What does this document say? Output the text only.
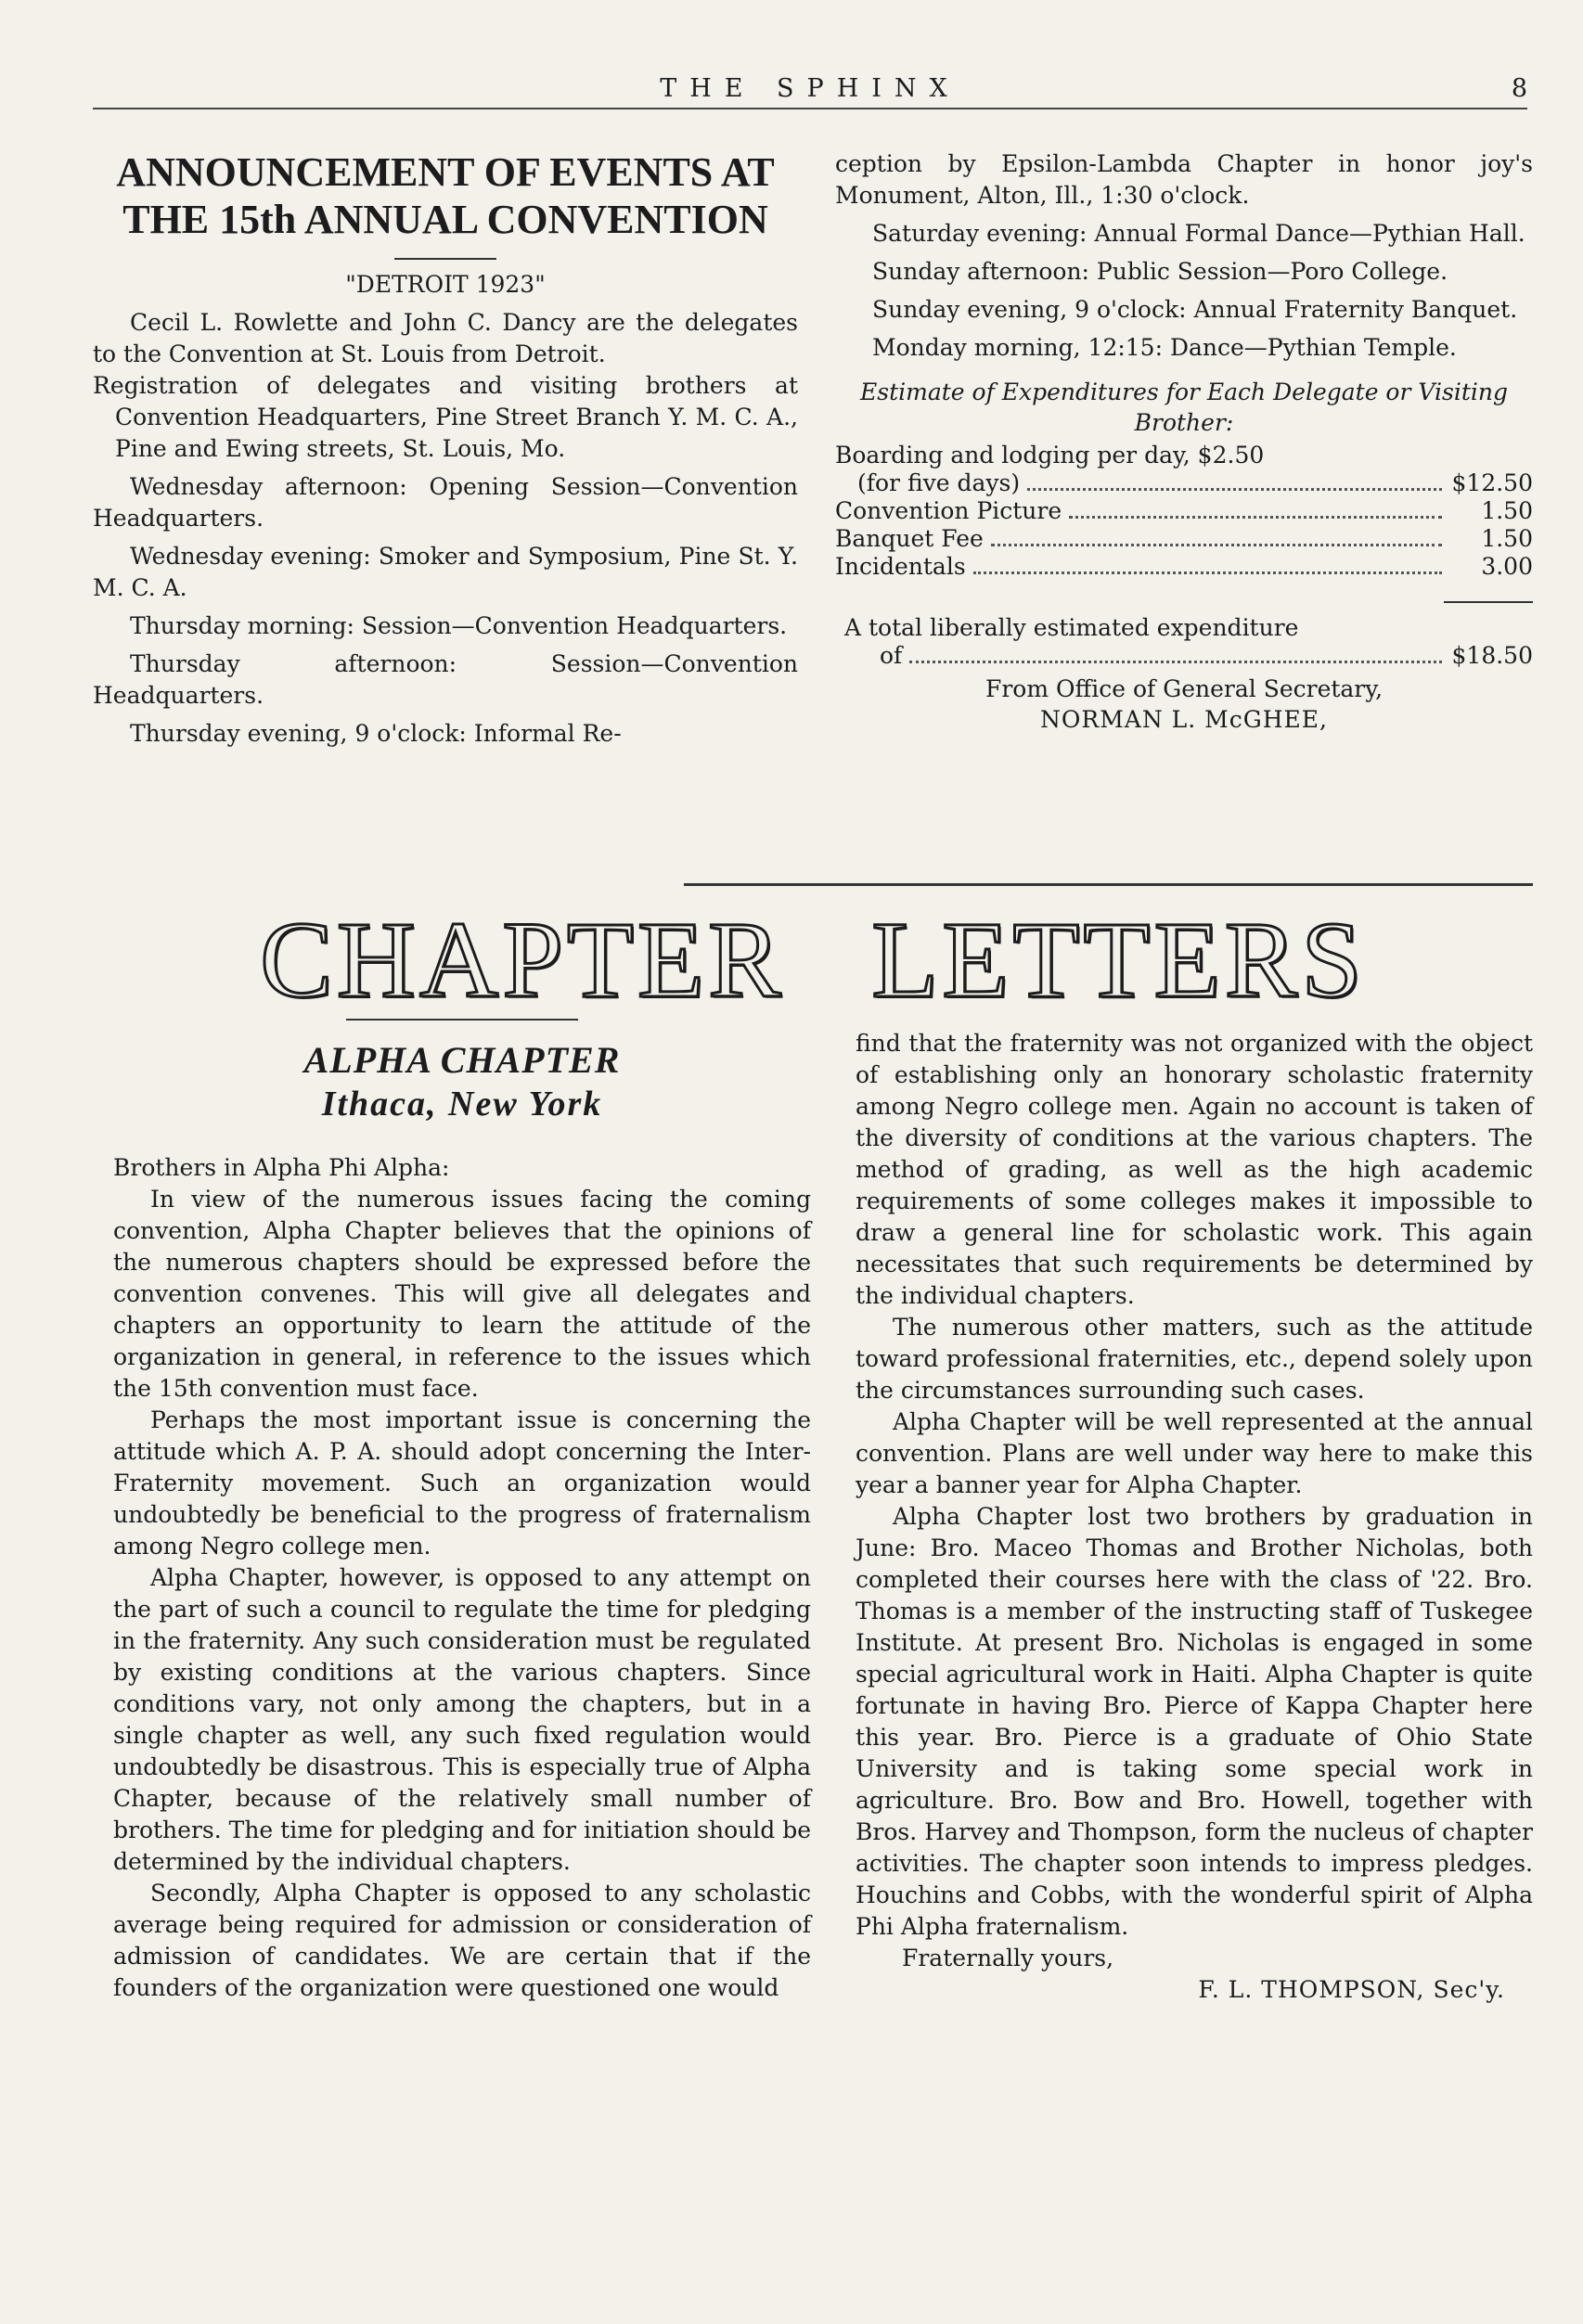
THE SPHINX	8
ANNOUNCEMENT OF EVENTS AT THE 15th ANNUAL CONVENTION
"DETROIT 1923"

Cecil L. Rowlette and John C. Dancy are the delegates to the Convention at St. Louis from Detroit.

Registration of delegates and visiting brothers at Convention Headquarters, Pine Street Branch Y. M. C. A., Pine and Ewing streets, St. Louis, Mo.

Wednesday afternoon: Opening Session—Convention Headquarters.

Wednesday evening: Smoker and Symposium, Pine St. Y. M. C. A.

Thursday morning: Session—Convention Headquarters.

Thursday afternoon: Session—Convention Headquarters.

Thursday evening, 9 o'clock: Informal Re-

ception by Epsilon-Lambda Chapter in honor joy's Monument, Alton, Ill., 1:30 o'clock.

Saturday evening: Annual Formal Dance—Pythian Hall.

Sunday afternoon: Public Session—Poro College.

Sunday evening, 9 o'clock: Annual Fraternity Banquet.

Monday morning, 12:15: Dance—Pythian Temple.

Estimate of Expenditures for Each Delegate or Visiting Brother:
Boarding and lodging per day, $2.50
(for five days)	$12.50
Convention Picture	1.50
Banquet Fee	1.50
Incidentals	3.00
A total liberally estimated expenditure
of	$18.50
From Office of General Secretary,
NORMAN L. McGHEE,
CHAPTER LETTERS
ALPHA CHAPTER
Ithaca, New York

Brothers in Alpha Phi Alpha:

In view of the numerous issues facing the coming convention, Alpha Chapter believes that the opinions of the numerous chapters should be expressed before the convention convenes. This will give all delegates and chapters an opportunity to learn the attitude of the organization in general, in reference to the issues which the 15th convention must face.

Perhaps the most important issue is concerning the attitude which A. P. A. should adopt concerning the Inter-Fraternity movement. Such an organization would undoubtedly be beneficial to the progress of fraternalism among Negro college men.

Alpha Chapter, however, is opposed to any attempt on the part of such a council to regulate the time for pledging in the fraternity. Any such consideration must be regulated by existing conditions at the various chapters. Since conditions vary, not only among the chapters, but in a single chapter as well, any such fixed regulation would undoubtedly be disastrous. This is especially true of Alpha Chapter, because of the relatively small number of brothers. The time for pledging and for initiation should be determined by the individual chapters.

Secondly, Alpha Chapter is opposed to any scholastic average being required for admission or consideration of admission of candidates. We are certain that if the founders of the organization were questioned one would

find that the fraternity was not organized with the object of establishing only an honorary scholastic fraternity among Negro college men. Again no account is taken of the diversity of conditions at the various chapters. The method of grading, as well as the high academic requirements of some colleges makes it impossible to draw a general line for scholastic work. This again necessitates that such requirements be determined by the individual chapters.

The numerous other matters, such as the attitude toward professional fraternities, etc., depend solely upon the circumstances surrounding such cases.

Alpha Chapter will be well represented at the annual convention. Plans are well under way here to make this year a banner year for Alpha Chapter.

Alpha Chapter lost two brothers by graduation in June: Bro. Maceo Thomas and Brother Nicholas, both completed their courses here with the class of '22. Bro. Thomas is a member of the instructing staff of Tuskegee Institute. At present Bro. Nicholas is engaged in some special agricultural work in Haiti. Alpha Chapter is quite fortunate in having Bro. Pierce of Kappa Chapter here this year. Bro. Pierce is a graduate of Ohio State University and is taking some special work in agriculture. Bro. Bow and Bro. Howell, together with Bros. Harvey and Thompson, form the nucleus of chapter activities. The chapter soon intends to impress pledges. Houchins and Cobbs, with the wonderful spirit of Alpha Phi Alpha fraternalism.

Fraternally yours,

F. L. THOMPSON, Sec'y.
